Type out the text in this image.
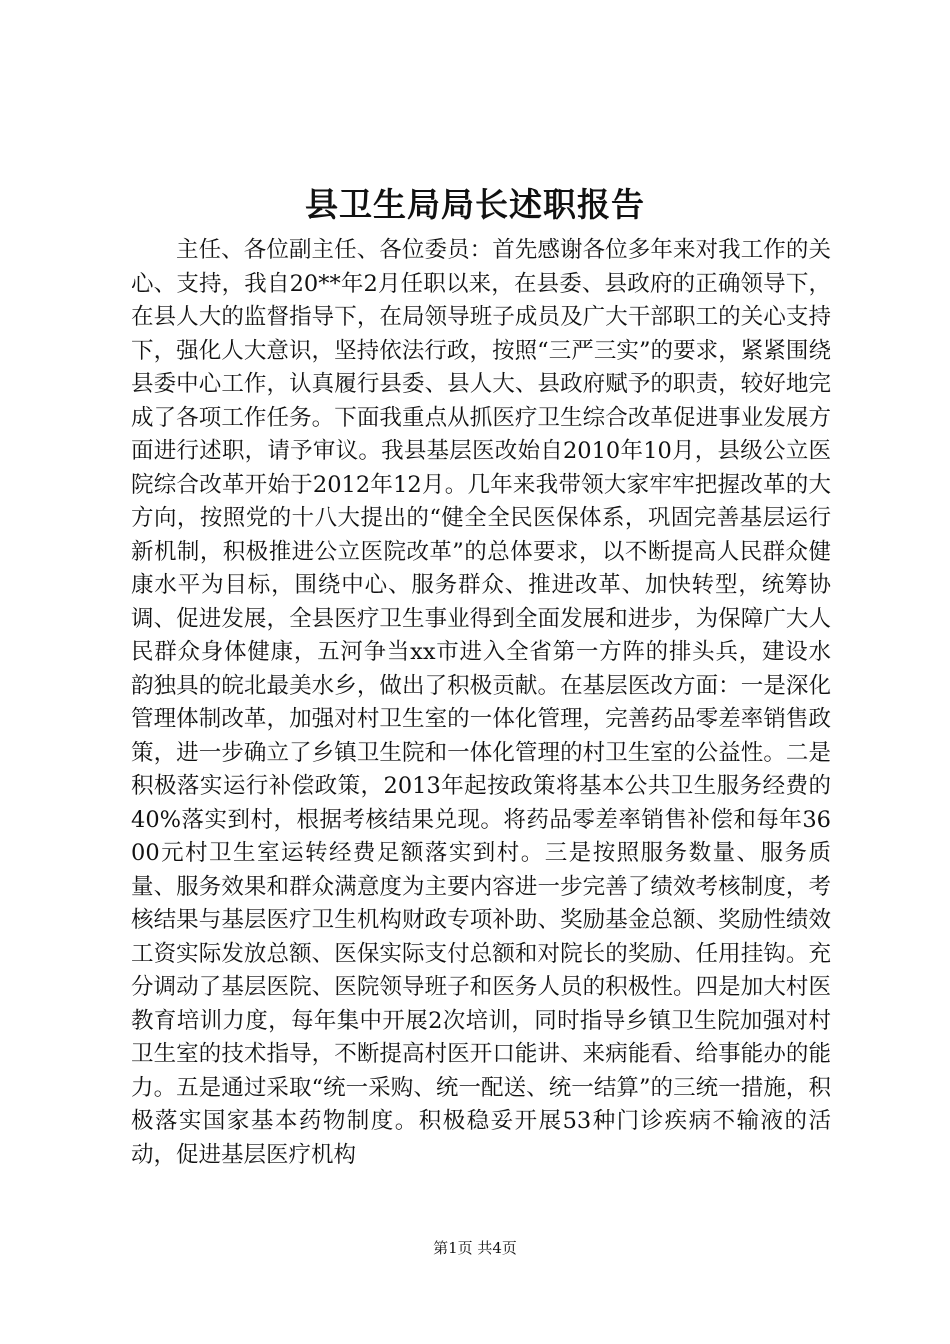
县卫生局局长述职报告

主任、各位副主任、各位委员：首先感谢各位多年来对我工作的关心、支持，我自20**年2月任职以来，在县委、县政府的正确领导下，在县人大的监督指导下，在局领导班子成员及广大干部职工的关心支持下，强化人大意识，坚持依法行政，按照“三严三实”的要求，紧紧围绕县委中心工作，认真履行县委、县人大、县政府赋予的职责，较好地完成了各项工作任务。下面我重点从抓医疗卫生综合改革促进事业发展方面进行述职，请予审议。我县基层医改始自2010年10月，县级公立医院综合改革开始于2012年12月。几年来我带领大家牢牢把握改革的大方向，按照党的十八大提出的“健全全民医保体系，巩固完善基层运行新机制，积极推进公立医院改革”的总体要求，以不断提高人民群众健康水平为目标，围绕中心、服务群众、推进改革、加快转型，统筹协调、促进发展，全县医疗卫生事业得到全面发展和进步，为保障广大人民群众身体健康，五河争当xx市进入全省第一方阵的排头兵，建设水韵独具的皖北最美水乡，做出了积极贡献。在基层医改方面：一是深化管理体制改革，加强对村卫生室的一体化管理，完善药品零差率销售政策，进一步确立了乡镇卫生院和一体化管理的村卫生室的公益性。二是积极落实运行补偿政策，2013年起按政策将基本公共卫生服务经费的40%落实到村，根据考核结果兑现。将药品零差率销售补偿和每年3600元村卫生室运转经费足额落实到村。三是按照服务数量、服务质量、服务效果和群众满意度为主要内容进一步完善了绩效考核制度，考核结果与基层医疗卫生机构财政专项补助、奖励基金总额、奖励性绩效工资实际发放总额、医保实际支付总额和对院长的奖励、任用挂钩。充分调动了基层医院、医院领导班子和医务人员的积极性。四是加大村医教育培训力度，每年集中开展2次培训，同时指导乡镇卫生院加强对村卫生室的技术指导，不断提高村医开口能讲、来病能看、给事能办的能力。五是通过采取“统一采购、统一配送、统一结算”的三统一措施，积极落实国家基本药物制度。积极稳妥开展53种门诊疾病不输液的活动，促进基层医疗机构

第1页 共4页
